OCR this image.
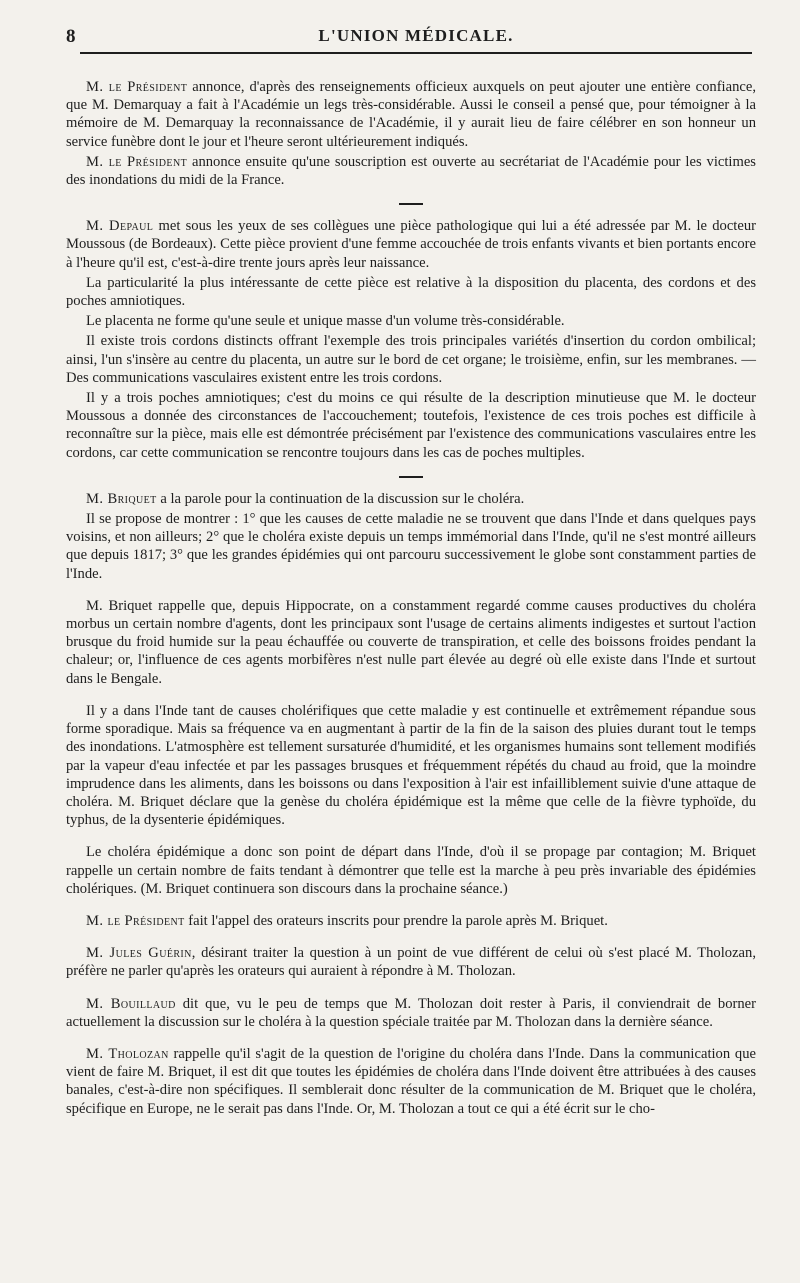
8	L'UNION MÉDICALE.

M. le Président annonce, d'après des renseignements officieux auxquels on peut ajouter une entière confiance, que M. Demarquay a fait à l'Académie un legs très-considérable. Aussi le conseil a pensé que, pour témoigner à la mémoire de M. Demarquay la reconnaissance de l'Académie, il y aurait lieu de faire célébrer en son honneur un service funèbre dont le jour et l'heure seront ultérieurement indiqués.

M. le Président annonce ensuite qu'une souscription est ouverte au secrétariat de l'Académie pour les victimes des inondations du midi de la France.

M. Depaul met sous les yeux de ses collègues une pièce pathologique qui lui a été adressée par M. le docteur Moussous (de Bordeaux). Cette pièce provient d'une femme accouchée de trois enfants vivants et bien portants encore à l'heure qu'il est, c'est-à-dire trente jours après leur naissance.

La particularité la plus intéressante de cette pièce est relative à la disposition du placenta, des cordons et des poches amniotiques.

Le placenta ne forme qu'une seule et unique masse d'un volume très-considérable.

Il existe trois cordons distincts offrant l'exemple des trois principales variétés d'insertion du cordon ombilical; ainsi, l'un s'insère au centre du placenta, un autre sur le bord de cet organe; le troisième, enfin, sur les membranes. — Des communications vasculaires existent entre les trois cordons.

Il y a trois poches amniotiques; c'est du moins ce qui résulte de la description minutieuse que M. le docteur Moussous a donnée des circonstances de l'accouchement; toutefois, l'existence de ces trois poches est difficile à reconnaître sur la pièce, mais elle est démontrée précisément par l'existence des communications vasculaires entre les cordons, car cette communication se rencontre toujours dans les cas de poches multiples.

M. Briquet a la parole pour la continuation de la discussion sur le choléra.

Il se propose de montrer : 1° que les causes de cette maladie ne se trouvent que dans l'Inde et dans quelques pays voisins, et non ailleurs; 2° que le choléra existe depuis un temps immémorial dans l'Inde, qu'il ne s'est montré ailleurs que depuis 1817; 3° que les grandes épidémies qui ont parcouru successivement le globe sont constamment parties de l'Inde.

M. Briquet rappelle que, depuis Hippocrate, on a constamment regardé comme causes productives du choléra morbus un certain nombre d'agents, dont les principaux sont l'usage de certains aliments indigestes et surtout l'action brusque du froid humide sur la peau échauffée ou couverte de transpiration, et celle des boissons froides pendant la chaleur; or, l'influence de ces agents morbifères n'est nulle part élevée au degré où elle existe dans l'Inde et surtout dans le Bengale.

Il y a dans l'Inde tant de causes cholérifiques que cette maladie y est continuelle et extrêmement répandue sous forme sporadique. Mais sa fréquence va en augmentant à partir de la fin de la saison des pluies durant tout le temps des inondations. L'atmosphère est tellement sursaturée d'humidité, et les organismes humains sont tellement modifiés par la vapeur d'eau infectée et par les passages brusques et fréquemment répétés du chaud au froid, que la moindre imprudence dans les aliments, dans les boissons ou dans l'exposition à l'air est infailliblement suivie d'une attaque de choléra. M. Briquet déclare que la genèse du choléra épidémique est la même que celle de la fièvre typhoïde, du typhus, de la dysenterie épidémiques.

Le choléra épidémique a donc son point de départ dans l'Inde, d'où il se propage par contagion; M. Briquet rappelle un certain nombre de faits tendant à démontrer que telle est la marche à peu près invariable des épidémies cholériques. (M. Briquet continuera son discours dans la prochaine séance.)

M. le Président fait l'appel des orateurs inscrits pour prendre la parole après M. Briquet.

M. Jules Guérin, désirant traiter la question à un point de vue différent de celui où s'est placé M. Tholozan, préfère ne parler qu'après les orateurs qui auraient à répondre à M. Tholozan.

M. Bouillaud dit que, vu le peu de temps que M. Tholozan doit rester à Paris, il conviendrait de borner actuellement la discussion sur le choléra à la question spéciale traitée par M. Tholozan dans la dernière séance.

M. Tholozan rappelle qu'il s'agit de la question de l'origine du choléra dans l'Inde. Dans la communication que vient de faire M. Briquet, il est dit que toutes les épidémies de choléra dans l'Inde doivent être attribuées à des causes banales, c'est-à-dire non spécifiques. Il semblerait donc résulter de la communication de M. Briquet que le choléra, spécifique en Europe, ne le serait pas dans l'Inde. Or, M. Tholozan a tout ce qui a été écrit sur le cho-
